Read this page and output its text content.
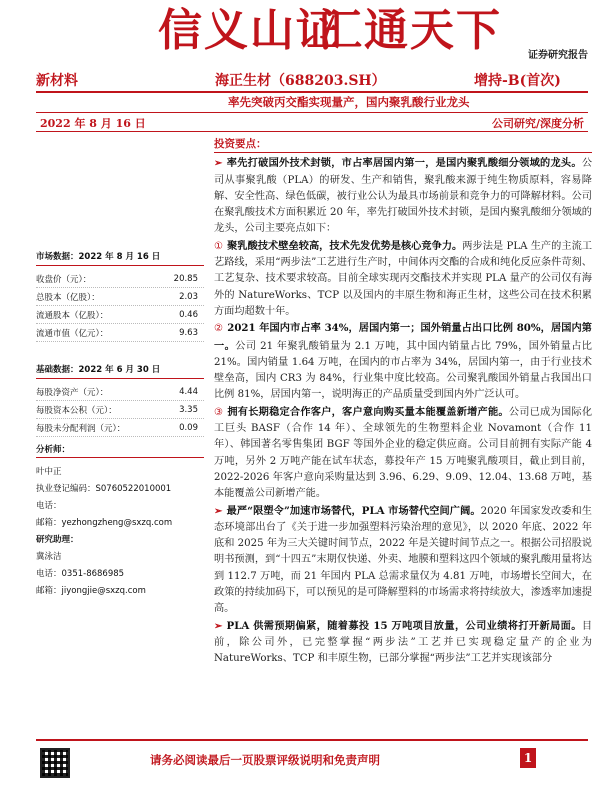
信义山证
汇通天下	证券研究报告
新材料	海正生材（688203.SH）	增持-B(首次)
率先突破丙交酯实现量产，国内聚乳酸行业龙头
2022 年 8 月 16 日	公司研究/深度分析
市场数据：2022 年 8 月 16 日
收盘价（元）：	20.85
总股本（亿股）：	2.03
流通股本（亿股）：	0.46
流通市值（亿元）：	9.63
基础数据：2022 年 6 月 30 日
每股净资产（元）：	4.44
每股资本公积（元）：	3.35
每股未分配利润（元）：	0.09
分析师：
叶中正
执业登记编码：S0760522010001
电话：
邮箱：yezhongzheng@sxzq.com
研究助理：
冀泳洁
电话：0351-8686985
邮箱：jiyongjie@sxzq.com
投资要点：

➢ 率先打破国外技术封锁，市占率居国内第一，是国内聚乳酸细分领域的龙头。公司从事聚乳酸（PLA）的研发、生产和销售，聚乳酸来源于纯生物质原料，容易降解、安全性高、绿色低碳，被行业公认为最具市场前景和竞争力的可降解材料。公司在聚乳酸技术方面积累近 20 年，率先打破国外技术封锁，是国内聚乳酸细分领域的龙头，公司主要亮点如下：

① 聚乳酸技术壁垒较高，技术先发优势是核心竞争力。两步法是 PLA 生产的主流工艺路线，采用“两步法”工艺进行生产时，中间体丙交酯的合成和纯化反应条件苛刻、工艺复杂、技术要求较高。目前全球实现丙交酯技术并实现 PLA 量产的公司仅有海外的 NatureWorks、TCP 以及国内的丰原生物和海正生材，这些公司在技术积累方面均超数十年。

② 2021 年国内市占率 34%，居国内第一；国外销量占出口比例 80%，居国内第一。公司 21 年聚乳酸销量为 2.1 万吨，其中国内销量占比 79%，国外销量占比 21%。国内销量 1.64 万吨，在国内的市占率为 34%，居国内第一，由于行业技术壁垒高，国内 CR3 为 84%，行业集中度比较高。公司聚乳酸国外销量占我国出口比例 81%，居国内第一，说明海正的产品质量受到国内外广泛认可。

③ 拥有长期稳定合作客户，客户意向购买量本能覆盖新增产能。公司已成为国际化工巨头 BASF（合作 14 年）、全球领先的生物塑料企业 Novamont（合作 11 年）、韩国著名零售集团 BGF 等国外企业的稳定供应商。公司目前拥有实际产能 4 万吨，另外 2 万吨产能在试车状态，募投年产 15 万吨聚乳酸项目，截止到目前，2022-2026 年客户意向采购量达到 3.96、6.29、9.09、12.04、13.68 万吨，基本能覆盖公司新增产能。

➢ 最严“限塑令”加速市场替代，PLA 市场替代空间广阔。2020 年国家发改委和生态环境部出台了《关于进一步加强塑料污染治理的意见》，以 2020 年底、2022 年底和 2025 年为三大关键时间节点，2022 年是关键时间节点之一。根据公司招股说明书预测，到“十四五”末期仅快递、外卖、地膜和塑料这四个领域的聚乳酸用量将达到 112.7 万吨，而 21 年国内 PLA 总需求量仅为 4.81 万吨，市场增长空间大，在政策的持续加码下，可以预见的是可降解塑料的市场需求将持续放大，渗透率加速提高。

➢ PLA 供需预期偏紧，随着募投 15 万吨项目放量，公司业绩将打开新局面。目前，除公司外，已完整掌握“两步法”工艺并已实现稳定量产的企业为 NatureWorks、TCP 和丰原生物，已部分掌握“两步法”工艺并实现该部分

请务必阅读最后一页股票评级说明和免责声明	1
